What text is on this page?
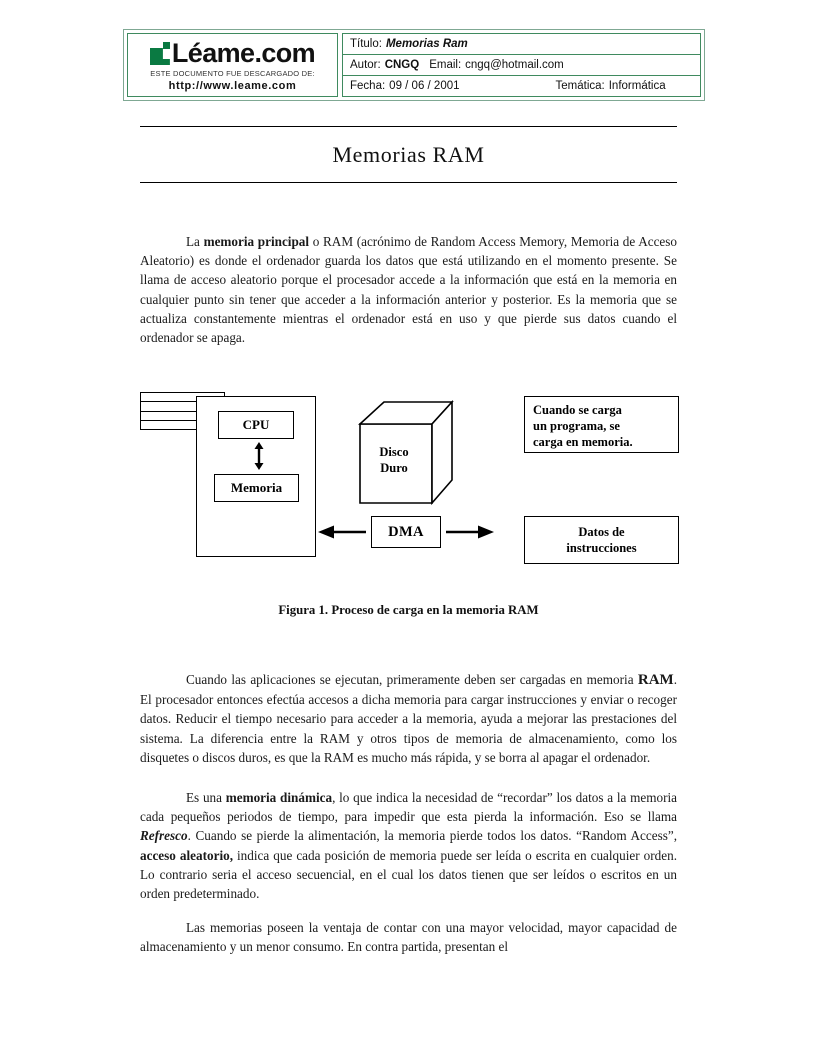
Léame.com
ESTE DOCUMENTO FUE DESCARGADO DE:
http://www.leame.com
Título: Memorias Ram
Autor: CNGQ Email: cngq@hotmail.com
Fecha: 09 / 06 / 2001	Temática: Informática
Memorias RAM
La memoria principal o RAM (acrónimo de Random Access Memory, Memoria de Acceso Aleatorio) es donde el ordenador guarda los datos que está utilizando en el momento presente. Se llama de acceso aleatorio porque el procesador accede a la información que está en la memoria en cualquier punto sin tener que acceder a la información anterior y posterior. Es la memoria que se actualiza constantemente mientras el ordenador está en uso y que pierde sus datos cuando el ordenador se apaga.
CPU
Memoria
Disco
Duro
DMA
Cuando se carga
un programa, se
carga en memoria.
Datos de
instrucciones
Figura 1. Proceso de carga en la memoria RAM
Cuando las aplicaciones se ejecutan, primeramente deben ser cargadas en memoria RAM. El procesador entonces efectúa accesos a dicha memoria para cargar instrucciones y enviar o recoger datos. Reducir el tiempo necesario para acceder a la memoria, ayuda a mejorar las prestaciones del sistema. La diferencia entre la RAM y otros tipos de memoria de almacenamiento, como los disquetes o discos duros, es que la RAM es mucho más rápida, y se borra al apagar el ordenador.
Es una memoria dinámica, lo que indica la necesidad de “recordar” los datos a la memoria cada pequeños periodos de tiempo, para impedir que esta pierda la información. Eso se llama Refresco. Cuando se pierde la alimentación, la memoria pierde todos los datos. “Random Access”, acceso aleatorio, indica que cada posición de memoria puede ser leída o escrita en cualquier orden. Lo contrario seria el acceso secuencial, en el cual los datos tienen que ser leídos o escritos en un orden predeterminado.
Las memorias poseen la ventaja de contar con una mayor velocidad, mayor capacidad de almacenamiento y un menor consumo. En contra partida, presentan el
